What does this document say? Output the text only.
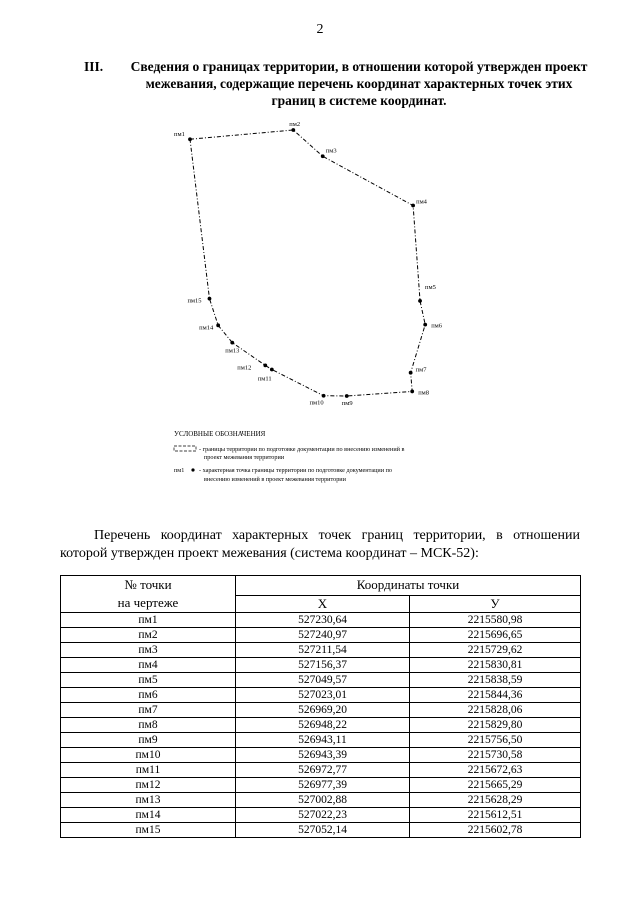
2
III.	Сведения о границах территории, в отношении которой утвержден проект межевания, содержащие перечень координат характерных точек этих границ в системе координат.
пм1
пм2
пм3
пм4
пм5
пм6
пм7
пм8
пм9
пм10
пм11
пм12
пм13
пм14
пм15
УСЛОВНЫЕ ОБОЗНАЧЕНИЯ
- границы территории по подготовке документации по внесению изменений в
проект межевания территории
пм1 - характерная точка границы территории по подготовке документации по
внесению изменений в проект межевания территории
Перечень координат характерных точек границ территории, в отношении которой утвержден проект межевания (система координат – МСК-52):
№ точки
на чертеже	Координаты точки	
	X	У
пм1	527230,64	2215580,98
пм2	527240,97	2215696,65
пм3	527211,54	2215729,62
пм4	527156,37	2215830,81
пм5	527049,57	2215838,59
пм6	527023,01	2215844,36
пм7	526969,20	2215828,06
пм8	526948,22	2215829,80
пм9	526943,11	2215756,50
пм10	526943,39	2215730,58
пм11	526972,77	2215672,63
пм12	526977,39	2215665,29
пм13	527002,88	2215628,29
пм14	527022,23	2215612,51
пм15	527052,14	2215602,78
